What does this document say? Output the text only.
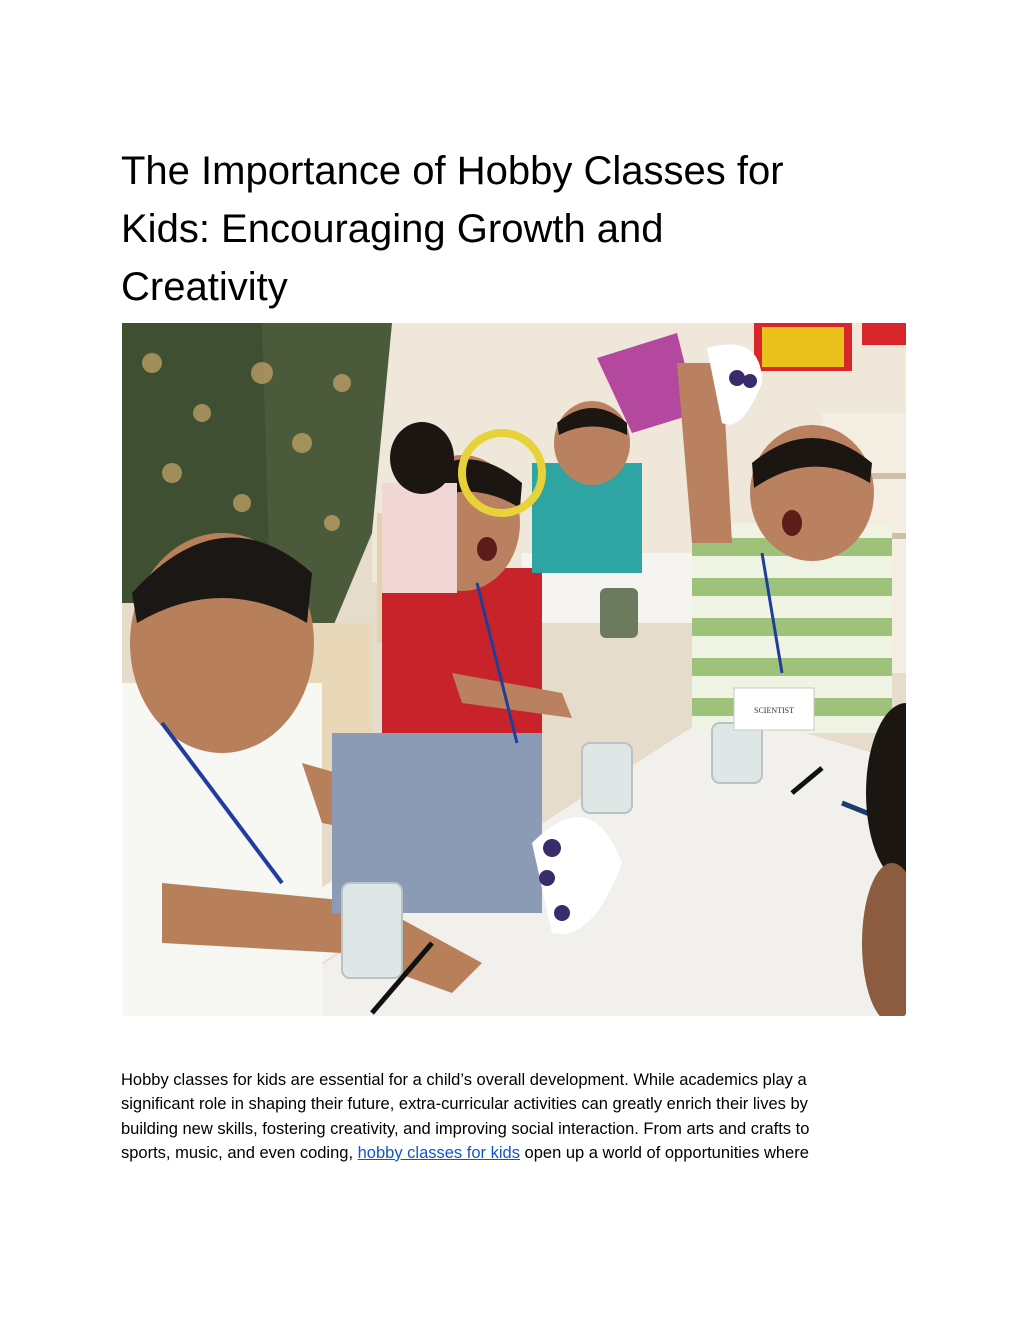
The Importance of Hobby Classes for
Kids: Encouraging Growth and
Creativity
SCIENTIST

Hobby classes for kids are essential for a child’s overall development. While academics play a
significant role in shaping their future, extra-curricular activities can greatly enrich their lives by
building new skills, fostering creativity, and improving social interaction. From arts and crafts to
sports, music, and even coding, hobby classes for kids open up a world of opportunities where
